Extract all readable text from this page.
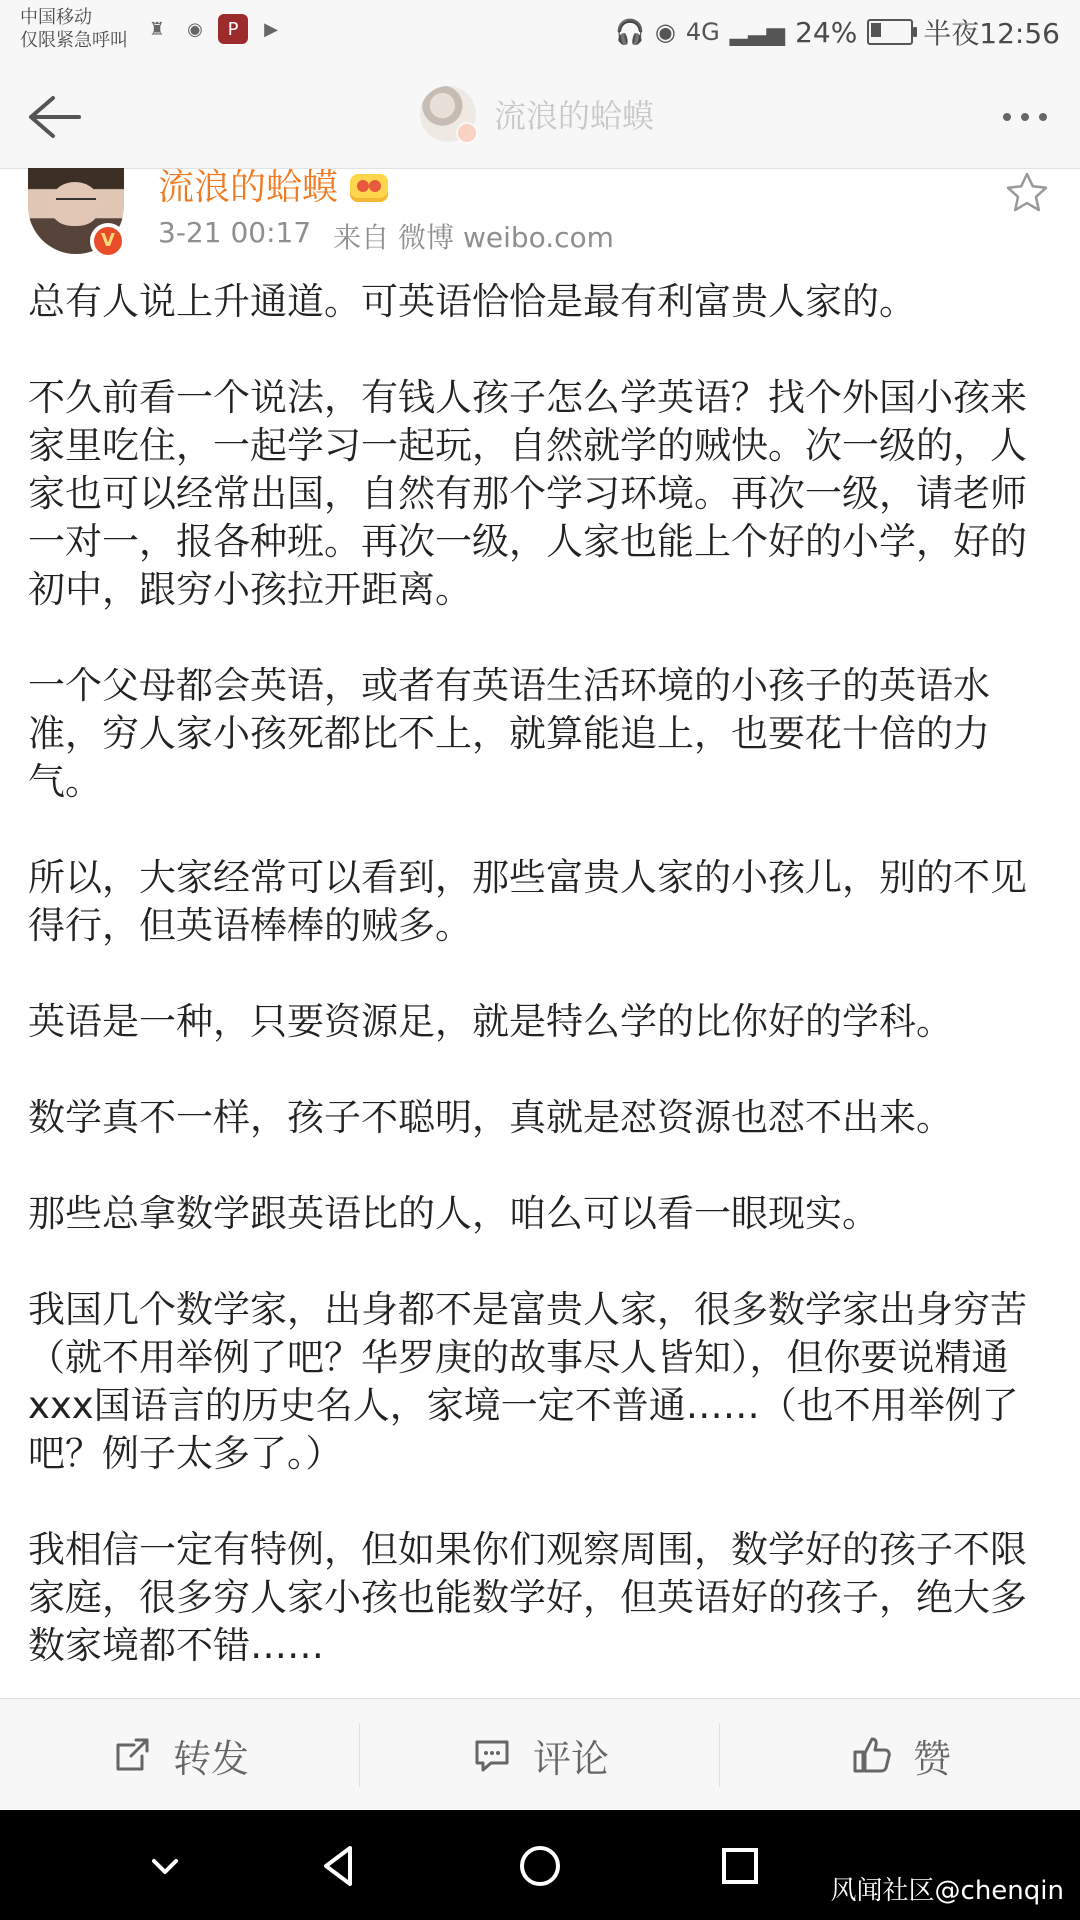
中国移动
仅限紧急呼叫
♜	◉	P	▶	🎧 ◉ 4G ▂▃▅ 24% 半夜12:56
流浪的蛤蟆
V
流浪的蛤蟆
3-21 00:17 来自 微博 weibo.com

总有人说上升通道。可英语恰恰是最有利富贵人家的。

不久前看一个说法，有钱人孩子怎么学英语？找个外国小孩来家里吃住，一起学习一起玩，自然就学的贼快。次一级的，人家也可以经常出国，自然有那个学习环境。再次一级，请老师一对一，报各种班。再次一级，人家也能上个好的小学，好的初中，跟穷小孩拉开距离。

一个父母都会英语，或者有英语生活环境的小孩子的英语水准，穷人家小孩死都比不上，就算能追上，也要花十倍的力气。

所以，大家经常可以看到，那些富贵人家的小孩儿，别的不见得行，但英语棒棒的贼多。

英语是一种，只要资源足，就是特么学的比你好的学科。

数学真不一样，孩子不聪明，真就是怼资源也怼不出来。

那些总拿数学跟英语比的人，咱么可以看一眼现实。

我国几个数学家，出身都不是富贵人家，很多数学家出身穷苦（就不用举例了吧？华罗庚的故事尽人皆知），但你要说精通xxx国语言的历史名人，家境一定不普通……（也不用举例了吧？例子太多了。）

我相信一定有特例，但如果你们观察周围，数学好的孩子不限家庭，很多穷人家小孩也能数学好，但英语好的孩子，绝大多数家境都不错……

转发	评论	赞
风闻社区@chenqin
